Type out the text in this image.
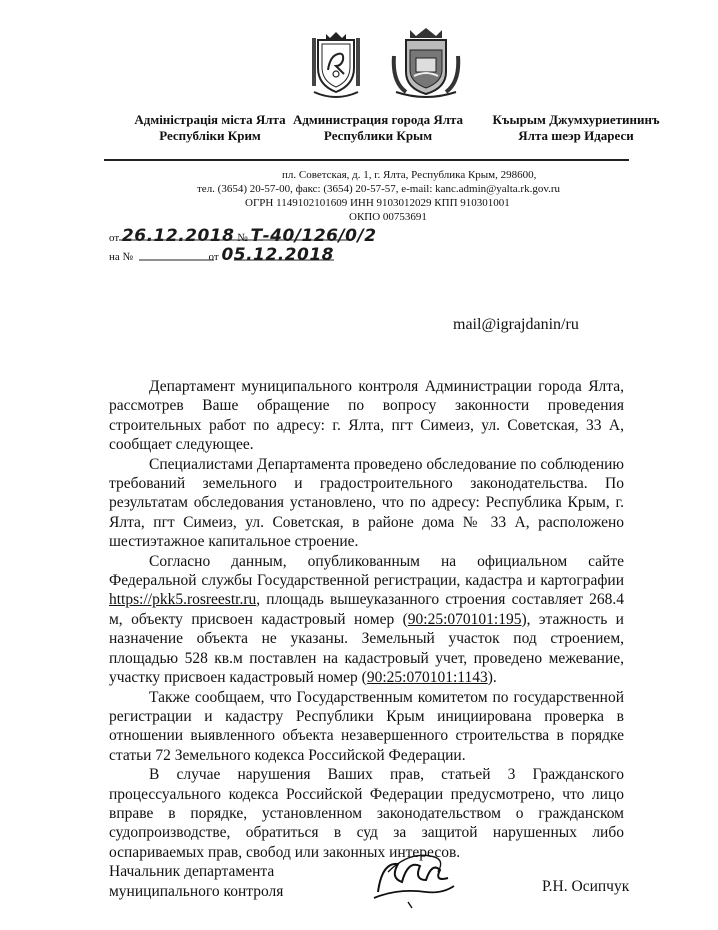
Адміністрація міста Ялта
Республіки Крим
Администрация города Ялта
Республики Крым
Къырым Джумхуриетининъ
Ялта шеэр Идареси
пл. Советская, д. 1, г. Ялта, Республика Крым, 298600,
тел. (3654) 20-57-00, факс: (3654) 20-57-57, e-mail: kanc.admin@yalta.rk.gov.ru
ОГРН 1149102101609 ИНН 9103012029 КПП 910301001
ОКПО 00753691
от 26.12.2018 № Т-40/126/0/2
на №	от 05.12.2018
mail@igrajdanin/ru

Департамент муниципального контроля Администрации города Ялта, рассмотрев Ваше обращение по вопросу законности проведения строительных работ по адресу: г. Ялта, пгт Симеиз, ул. Советская, 33 А, сообщает следующее.

Специалистами Департамента проведено обследование по соблюдению требований земельного и градостроительного законодательства. По результатам обследования установлено, что по адресу: Республика Крым, г. Ялта, пгт Симеиз, ул. Советская, в районе дома № 33 А, расположено шестиэтажное капитальное строение.

Согласно данным, опубликованным на официальном сайте Федеральной службы Государственной регистрации, кадастра и картографии https://pkk5.rosreestr.ru, площадь вышеуказанного строения составляет 268.4 м, объекту присвоен кадастровый номер (90:25:070101:195), этажность и назначение объекта не указаны. Земельный участок под строением, площадью 528 кв.м поставлен на кадастровый учет, проведено межевание, участку присвоен кадастровый номер (90:25:070101:1143).

Также сообщаем, что Государственным комитетом по государственной регистрации и кадастру Республики Крым инициирована проверка в отношении выявленного объекта незавершенного строительства в порядке статьи 72 Земельного кодекса Российской Федерации.

В случае нарушения Ваших прав, статьей 3 Гражданского процессуального кодекса Российской Федерации предусмотрено, что лицо вправе в порядке, установленном законодательством о гражданском судопроизводстве, обратиться в суд за защитой нарушенных либо оспариваемых прав, свобод или законных интересов.

Начальник департамента
муниципального контроля	Р.Н. Осипчук
